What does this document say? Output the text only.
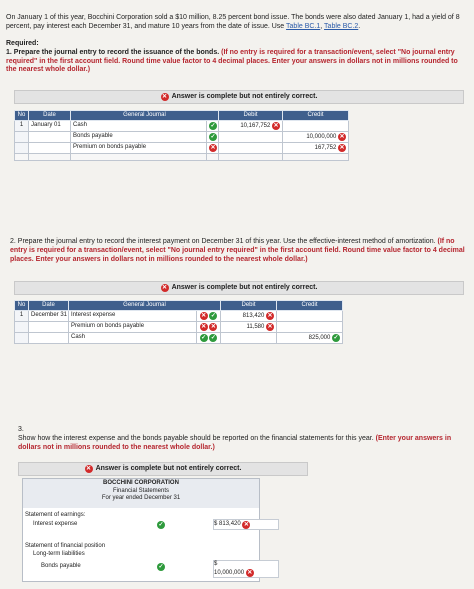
On January 1 of this year, Bocchini Corporation sold a $10 million, 8.25 percent bond issue. The bonds were also dated January 1, had a yield of 8 percent, pay interest each December 31, and mature 10 years from the date of issue. Use Table BC.1, Table BC.2.

Required:

1. Prepare the journal entry to record the issuance of the bonds. (If no entry is required for a transaction/event, select "No journal entry required" in the first account field. Round time value factor to 4 decimal places. Enter your answers in dollars not in millions rounded to the nearest whole dollar.)

✕ Answer is complete but not entirely correct.
No	Date	General Journal		Debit	Credit
1	January 01	Cash	✓	10,167,752 ✕	
		Bonds payable	✓		10,000,000 ✕
		Premium on bonds payable	✕		167,752 ✕

2. Prepare the journal entry to record the interest payment on December 31 of this year. Use the effective-interest method of amortization. (If no entry is required for a transaction/event, select "No journal entry required" in the first account field. Round time value factor to 4 decimal places. Enter your answers in dollars not in millions rounded to the nearest whole dollar.)

✕ Answer is complete but not entirely correct.
No	Date	General Journal		Debit	Credit
1	December 31	Interest expense	✕ ✓	813,420 ✕	
		Premium on bonds payable	✕ ✕	11,580 ✕	
		Cash	✓ ✓		825,000 ✓

3.

Show how the interest expense and the bonds payable should be reported on the financial statements for this year. (Enter your answers in dollars not in millions rounded to the nearest whole dollar.)

✕ Answer is complete but not entirely correct.
BOCCHINI CORPORATION
Financial Statements
For year ended December 31
Statement of earnings:
Interest expense	✓	$
813,420
✕
Statement of financial position
Long-term liabilities
Bonds payable	✓	$
10,000,000 ✕
